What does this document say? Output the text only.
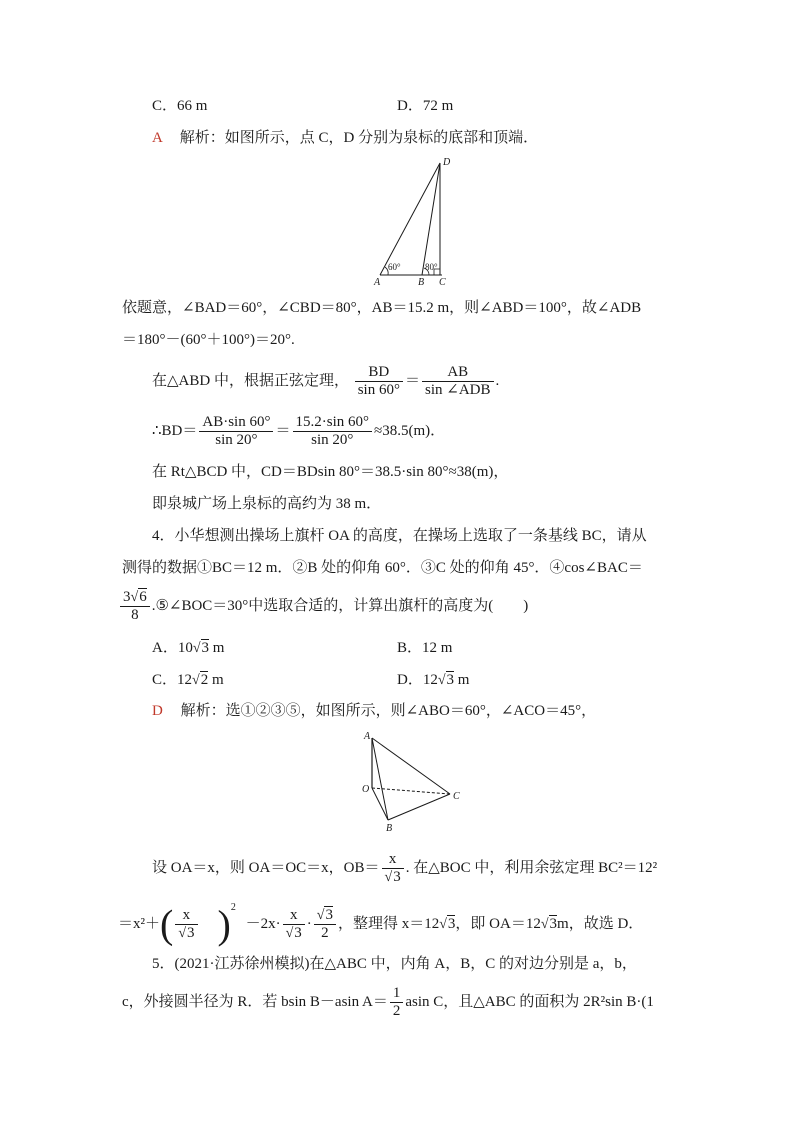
C．66 m	D．72 m
A 解析：如图所示，点 C，D 分别为泉标的底部和顶端．
A	B C
D
60°	80°
依题意，∠BAD＝60°，∠CBD＝80°，AB＝15.2 m，则∠ABD＝100°，故∠ADB
＝180°－(60°＋100°)＝20°.
在△ABD 中，根据正弦定理， $\frac{BD}{\sin 60^\circ} = \frac{AB}{\text{sin ∠ADB}}$ .
∴BD＝ $\frac{AB\cdot\sin 60^\circ}{\sin 20^\circ} = \frac{15.2\cdot\sin 60^\circ}{\sin 20^\circ} \approx 38.5(m)$．
在 Rt△BCD 中，CD＝BDsin 80°＝38.5·sin 80°≈38(m)，
即泉城广场上泉标的高约为 38 m．
4．小华想测出操场上旗杆 OA 的高度，在操场上选取了一条基线 BC，请从
测得的数据①BC＝12 m．②B 处的仰角 60°．③C 处的仰角 45°．④cos∠BAC＝
$\frac{3√6}{8}$ .⑤∠BOC＝30°中选取合适的，计算出旗杆的高度为(　　)
A．10√3 m	B．12 m
C．12√2 m	D．12√3 m
D 解析：选①②③⑤，如图所示，则∠ABO＝60°，∠ACO＝45°，
A
O
B
C
设 OA＝x，则 OA＝OC＝x，$OB= \frac{x}{√3}$ . 在△BOC 中，利用余弦定理 BC²＝12²
$=x^2+( \frac{x}{√3} )^2 -2x\cdot \frac{x}{√3} \cdot \frac{√3}{2}$ ，整理得 x＝12√3，即 OA＝12√3m，故选 D．
5．(2021·江苏徐州模拟)在△ABC 中，内角 A，B，C 的对边分别是 a，b，
c，外接圆半径为 R．若 bsin B－asin $A= \frac{1}{2}$ asin C，且△ABC 的面积为 2R²sin B·(1
